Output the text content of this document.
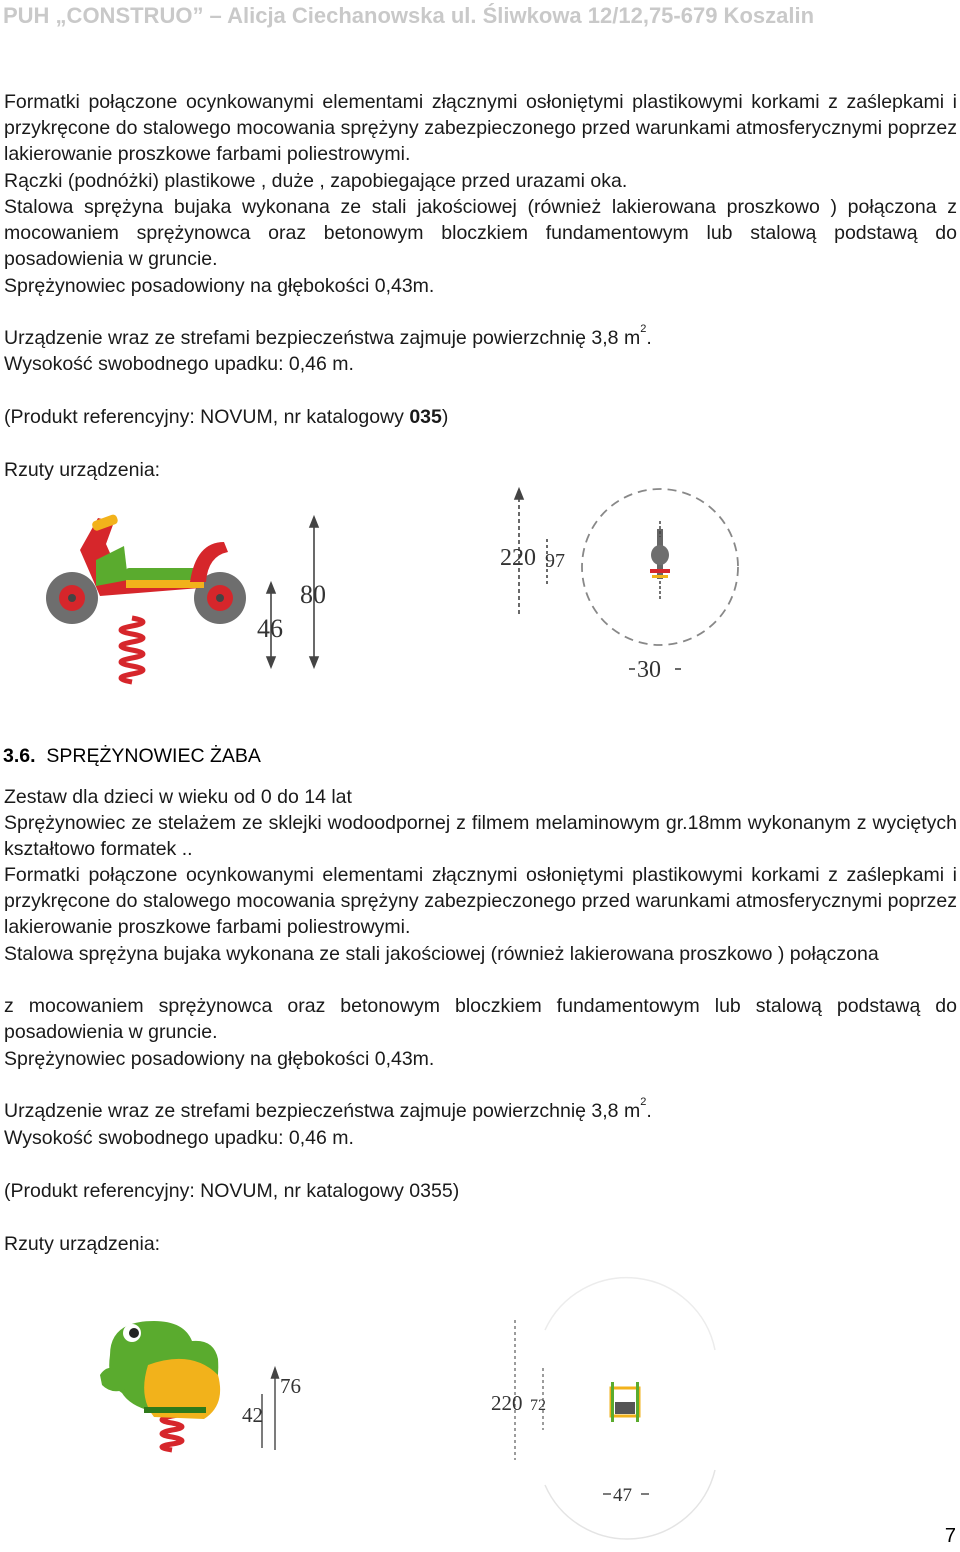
PUH „CONSTRUO” – Alicja Ciechanowska ul. Śliwkowa 12/12,75-679 Koszalin
Formatki połączone ocynkowanymi elementami złącznymi osłoniętymi plastikowymi korkami z zaślepkami i przykręcone do stalowego mocowania sprężyny zabezpieczonego przed warunkami atmosferycznymi poprzez lakierowanie proszkowe farbami poliestrowymi.
Rączki (podnóżki) plastikowe , duże , zapobiegające przed urazami oka.
Stalowa sprężyna bujaka wykonana ze stali jakościowej (również lakierowana proszkowo ) połączona z mocowaniem sprężynowca oraz betonowym bloczkiem fundamentowym lub stalową podstawą do posadowienia w gruncie.
Sprężynowiec posadowiony na głębokości 0,43m.
Urządzenie wraz ze strefami bezpieczeństwa zajmuje powierzchnię 3,8 $m^2$.
Wysokość swobodnego upadku: 0,46 m.
(Produkt referencyjny: NOVUM, nr katalogowy 035)
Rzuty urządzenia:
80
46
220 97
30
3.6. SPRĘŻYNOWIEC ŻABA
Zestaw dla dzieci w wieku od 0 do 14 lat
Sprężynowiec ze stelażem ze sklejki wodoodpornej z filmem melaminowym gr.18mm wykonanym z wyciętych kształtowo formatek ..
Formatki połączone ocynkowanymi elementami złącznymi osłoniętymi plastikowymi korkami z zaślepkami i przykręcone do stalowego mocowania sprężyny zabezpieczonego przed warunkami atmosferycznymi poprzez lakierowanie proszkowe farbami poliestrowymi.
Stalowa sprężyna bujaka wykonana ze stali jakościowej (również lakierowana proszkowo ) połączona
z mocowaniem sprężynowca oraz betonowym bloczkiem fundamentowym lub stalową podstawą do posadowienia w gruncie.
Sprężynowiec posadowiony na głębokości 0,43m.
Urządzenie wraz ze strefami bezpieczeństwa zajmuje powierzchnię 3,8 $m^2$.
Wysokość swobodnego upadku: 0,46 m.
(Produkt referencyjny: NOVUM, nr katalogowy 0355)
Rzuty urządzenia:
76
42	220 72
47
7
